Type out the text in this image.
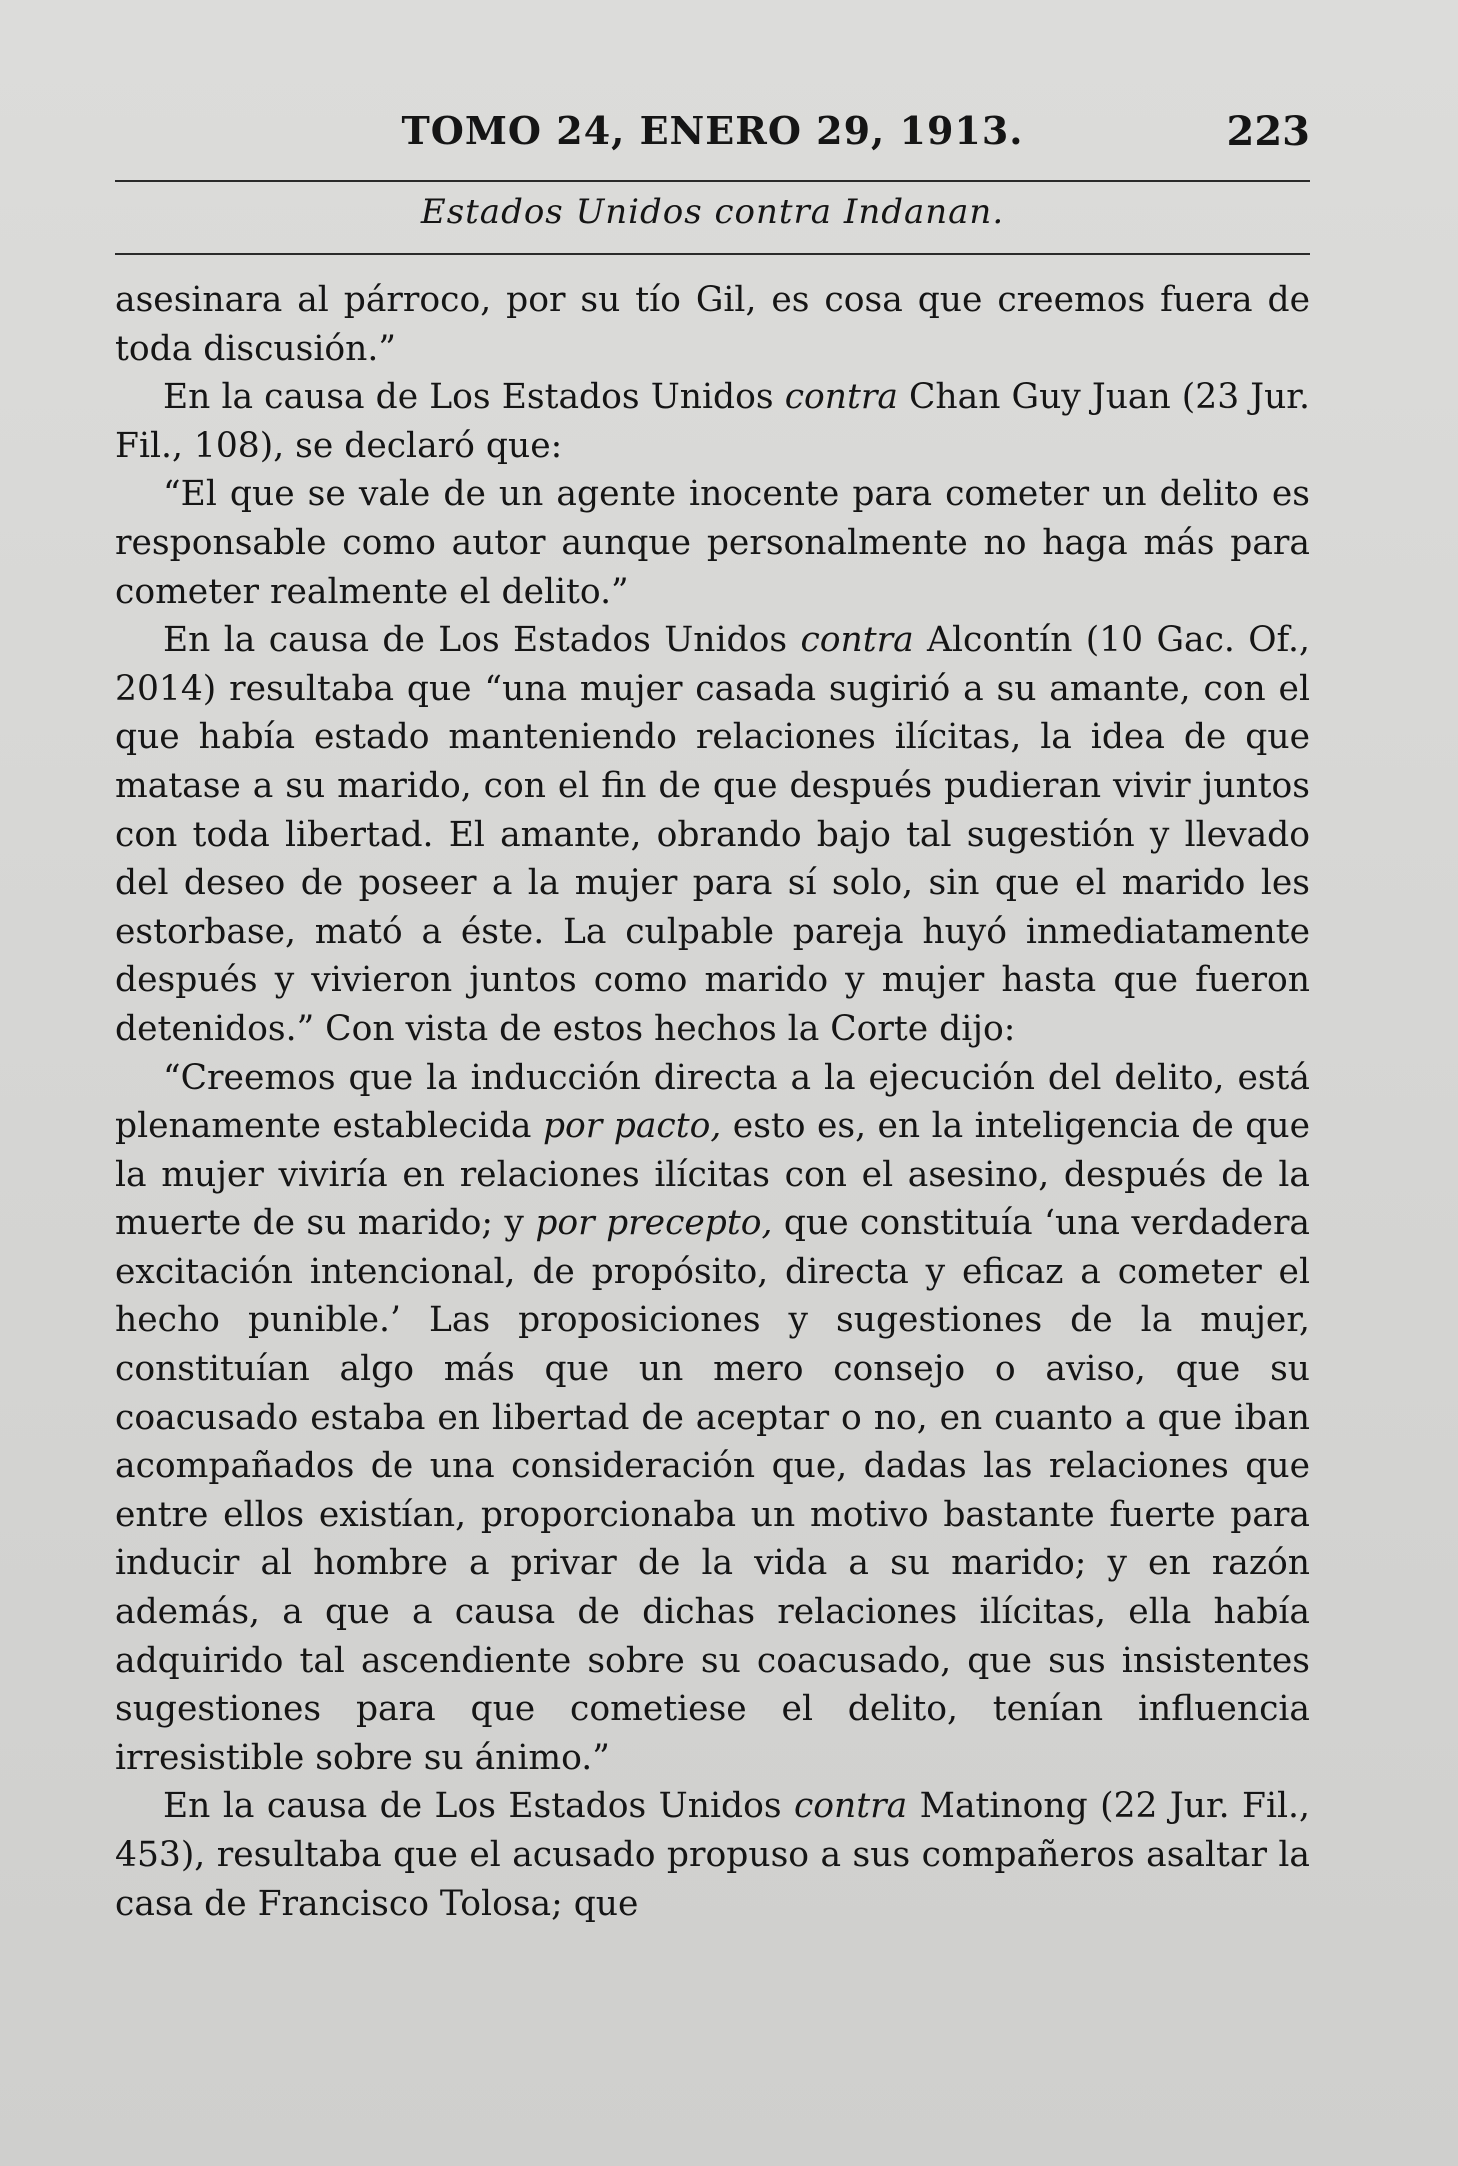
TOMO 24, ENERO 29, 1913.	223
Estados Unidos contra Indanan.

asesinara al párroco, por su tío Gil, es cosa que creemos fuera de toda discusión.”

En la causa de Los Estados Unidos contra Chan Guy Juan (23 Jur. Fil., 108), se declaró que:

“El que se vale de un agente inocente para cometer un delito es responsable como autor aunque personalmente no haga más para cometer realmente el delito.”

En la causa de Los Estados Unidos contra Alcontín (10 Gac. Of., 2014) resultaba que “una mujer casada sugirió a su amante, con el que había estado manteniendo relaciones ilícitas, la idea de que matase a su marido, con el fin de que después pudieran vivir juntos con toda libertad. El amante, obrando bajo tal sugestión y llevado del deseo de poseer a la mujer para sí solo, sin que el marido les estorbase, mató a éste. La culpable pareja huyó inmediatamente después y vivieron juntos como marido y mujer hasta que fueron detenidos.” Con vista de estos hechos la Corte dijo:

“Creemos que la inducción directa a la ejecución del delito, está plenamente establecida por pacto, esto es, en la inteligencia de que la mujer viviría en relaciones ilícitas con el asesino, después de la muerte de su marido; y por precepto, que constituía ‘una verdadera excitación intencional, de propósito, directa y eficaz a cometer el hecho punible.’ Las proposiciones y sugestiones de la mujer, constituían algo más que un mero consejo o aviso, que su coacusado estaba en libertad de aceptar o no, en cuanto a que iban acompañados de una consideración que, dadas las relaciones que entre ellos existían, proporcionaba un motivo bastante fuerte para inducir al hombre a privar de la vida a su marido; y en razón además, a que a causa de dichas relaciones ilícitas, ella había adquirido tal ascendiente sobre su coacusado, que sus insistentes sugestiones para que cometiese el delito, tenían influencia irresistible sobre su ánimo.”

En la causa de Los Estados Unidos contra Matinong (22 Jur. Fil., 453), resultaba que el acusado propuso a sus compañeros asaltar la casa de Francisco Tolosa; que
